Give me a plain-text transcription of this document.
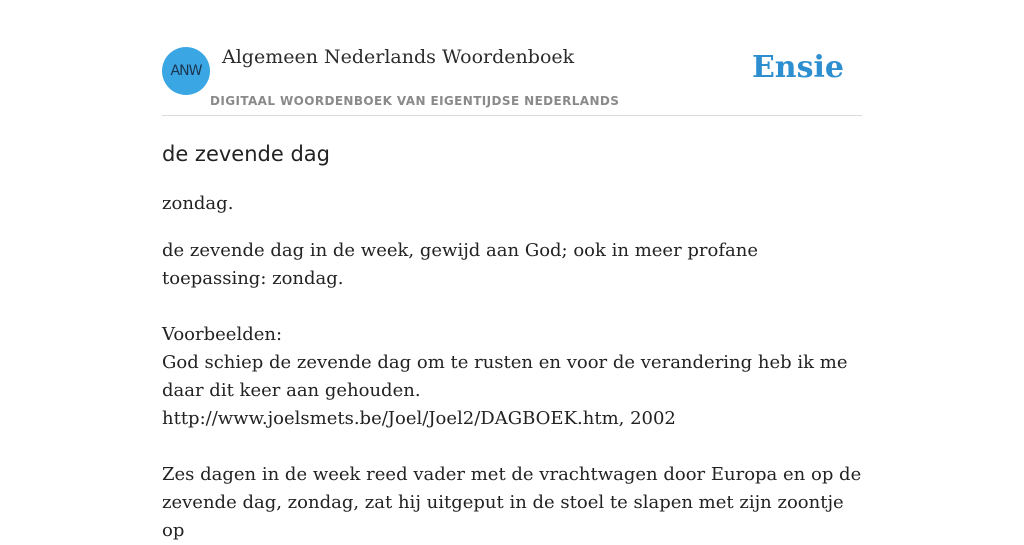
ANW
Algemeen Nederlands Woordenboek
DIGITAAL WOORDENBOEK VAN EIGENTIJDSE NEDERLANDS
Ensie
de zevende dag

zondag.

de zevende dag in de week, gewijd aan God; ook in meer profane toepassing: zondag.

Voorbeelden:

God schiep de zevende dag om te rusten en voor de verandering heb ik me daar dit keer aan gehouden.

http://www.joelsmets.be/Joel/Joel2/DAGBOEK.htm, 2002

Zes dagen in de week reed vader met de vrachtwagen door Europa en op de zevende dag, zondag, zat hij uitgeput in de stoel te slapen met zijn zoontje op
